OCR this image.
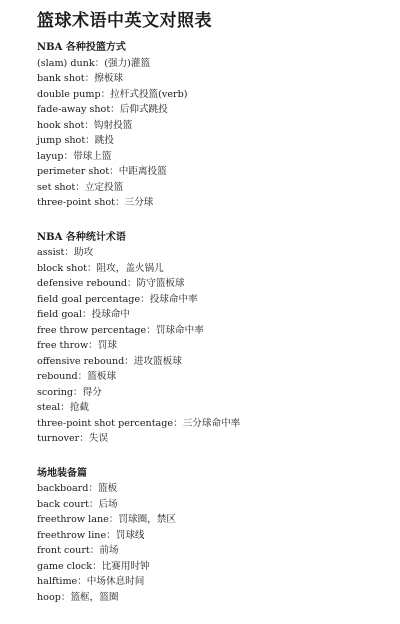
篮球术语中英文对照表
NBA 各种投篮方式
(slam) dunk：(强力)灌篮
bank shot：擦板球
double pump：拉杆式投篮(verb)
fade-away shot：后仰式跳投
hook shot：钩射投篮
jump shot：跳投
layup：带球上篮
perimeter shot：中距离投篮
set shot：立定投篮
three-point shot：三分球
NBA 各种统计术语
assist：助攻
block shot：阻攻，盖火锅儿
defensive rebound：防守篮板球
field goal percentage：投球命中率
field goal：投球命中
free throw percentage：罚球命中率
free throw：罚球
offensive rebound：进攻篮板球
rebound：篮板球
scoring：得分
steal：抢截
three-point shot percentage：三分球命中率
turnover：失误
场地装备篇
backboard：篮板
back court：后场
freethrow lane：罚球圈，禁区
freethrow line：罚球线
front court：前场
game clock：比赛用时钟
halftime：中场休息时间
hoop：篮框，篮圈
